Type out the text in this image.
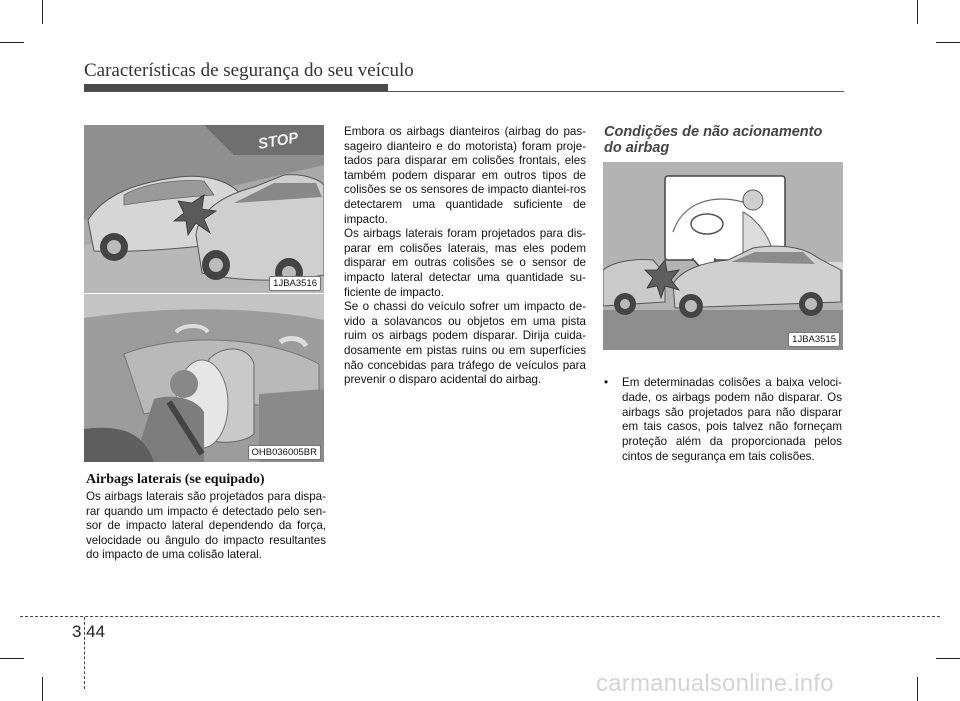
Características de segurança do seu veículo
STOP
1JBA3516
OHB036005BR
Airbags laterais (se equipado)

Os airbags laterais são projetados para dispa-rar quando um impacto é detectado pelo sen-sor de impacto lateral dependendo da força, velocidade ou ângulo do impacto resultantes do impacto de uma colisão lateral.

Embora os airbags dianteiros (airbag do pas-sageiro dianteiro e do motorista) foram proje-tados para disparar em colisões frontais, eles também podem disparar em outros tipos de colisões se os sensores de impacto diantei-ros detectarem uma quantidade suficiente de impacto.

Os airbags laterais foram projetados para dis-parar em colisões laterais, mas eles podem disparar em outras colisões se o sensor de impacto lateral detectar uma quantidade su-ficiente de impacto.

Se o chassi do veículo sofrer um impacto de-vido a solavancos ou objetos em uma pista ruim os airbags podem disparar. Dirija cuida-dosamente em pistas ruins ou em superfícies não concebidas para tráfego de veículos para prevenir o disparo acidental do airbag.

Condições de não acionamento do airbag
1JBA3515
• Em determinadas colisões a baixa veloci-dade, os airbags podem não disparar. Os airbags são projetados para não disparar em tais casos, pois talvez não forneçam proteção além da proporcionada pelos cintos de segurança em tais colisões.
3 44
carmanualsonline.info
